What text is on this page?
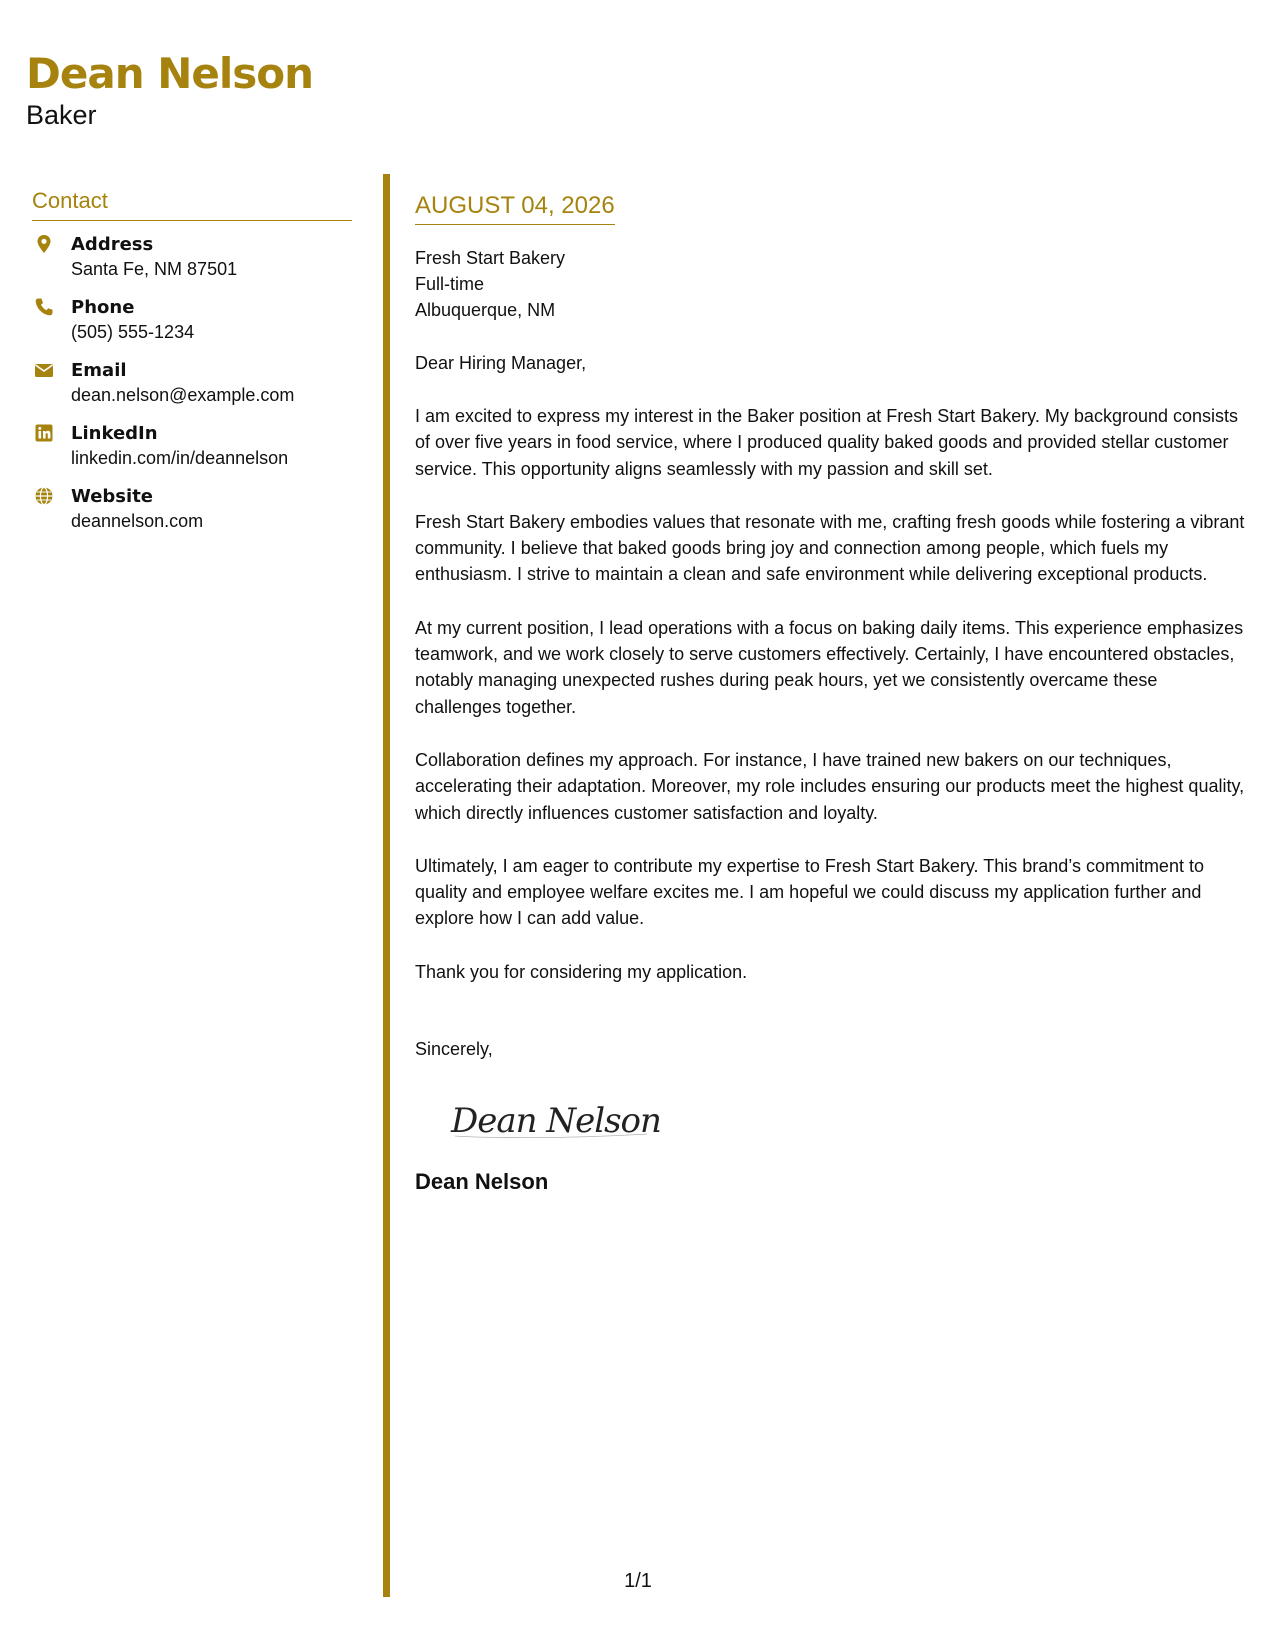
Dean Nelson
Baker
Contact
Address
Santa Fe, NM 87501
Phone
(505) 555-1234
Email
dean.nelson@example.com
LinkedIn
linkedin.com/in/deannelson
Website
deannelson.com
AUGUST 04, 2026
Fresh Start Bakery
Full-time
Albuquerque, NM
Dear Hiring Manager,
I am excited to express my interest in the Baker position at Fresh Start Bakery. My background consists of over five years in food service, where I produced quality baked goods and provided stellar customer service. This opportunity aligns seamlessly with my passion and skill set.
Fresh Start Bakery embodies values that resonate with me, crafting fresh goods while fostering a vibrant community. I believe that baked goods bring joy and connection among people, which fuels my enthusiasm. I strive to maintain a clean and safe environment while delivering exceptional products.
At my current position, I lead operations with a focus on baking daily items. This experience emphasizes teamwork, and we work closely to serve customers effectively. Certainly, I have encountered obstacles, notably managing unexpected rushes during peak hours, yet we consistently overcame these challenges together.
Collaboration defines my approach. For instance, I have trained new bakers on our techniques, accelerating their adaptation. Moreover, my role includes ensuring our products meet the highest quality, which directly influences customer satisfaction and loyalty.
Ultimately, I am eager to contribute my expertise to Fresh Start Bakery. This brand’s commitment to quality and employee welfare excites me. I am hopeful we could discuss my application further and explore how I can add value.
Thank you for considering my application.
Sincerely,
Dean Nelson
Dean Nelson
1/1
